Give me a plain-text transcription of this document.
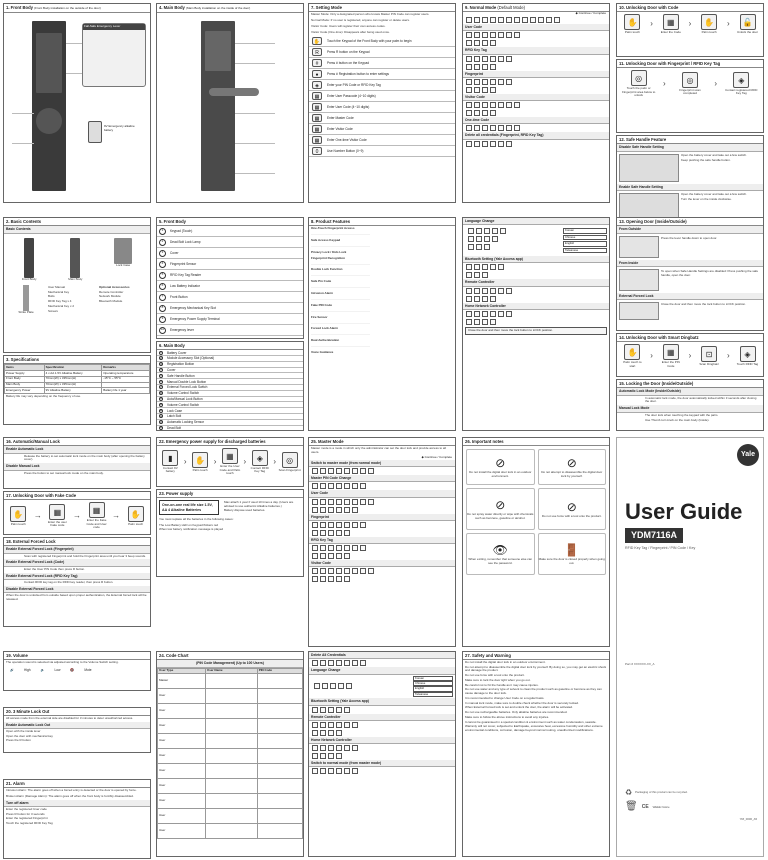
1. Front Body (Front Body installation on the outside of the door)
Fail-Safe Emergency Lever
9V Emergency alkaline battery
2. Basic Contents
Basic Contents
Front Body	Main Body
Lock Case
Strike Plate
User Manual
Mechanical Key
Bolts
RFID Key Tag x 4
Mechanical Key x 2
Screws
Optional Accessories
Remote Controller
Network Module
Bluetooth Module
3. Specifications
Items	Specification	Remarks
Power Supply	4 x AA 1.5V Alkaline Battery	Operating temperature
Front Body	70mm(W) x 335mm(H)	-15°C ~ 55°C
Main Body	70mm(W) x 335mm(H)	
Emergency Power	9V Alkaline Battery	Battery life 1 year
Battery life may vary depending on the frequency of use.
16. Automatic/Manual Lock
Enable Automatic Lock
Release the battery to set automatic lock mode on the main body (after opening the battery cover).
Disable Manual Lock
Press the button to set manual lock mode on the main body.
17. Unlocking Door with Fake Code
✋
Palm touch
→	▦
Enter the user Fake code
→	▦
Enter the Fake Code and User code
→	✋
Palm touch
18. External Forced Lock
Enable External Forced Lock (Fingerprint)
Scan with registered Fingerprint and hold the Fingerprint area until you hear 3 beep sounds.
Enable External Forced Lock (Code)
Enter the User PIN Code then press R button.
Enable External Forced Lock (RFID Key Tag)
Contact RFID key tag on the RFID key reader, then press R button.
Disable External Forced Lock
When the door is unlocked from outside based upon proper authentication, the External forced lock will be released.
19. Volume
The operation sound is selected via adjusted according to the Volume Switch setting.
🔊	High	🔉	Low	🔇	Mute
20. 3 Minute Lock Out
All access mode from the external side are disabled for 3 minutes to deter unauthorized access.
Enable Automatic Lock Out
Open with the inside lever
Open the door with mechanical key
Press the R button
21. Alarm
Intrusion Alarm: The alarm goes off when a forced entry is detected or the door is opened by force.
Broken Alarm (Damage Alarm): The alarm goes off when the front body is forcibly disassembled.
Turn off alarm
Enter the registered User code
Press R button for 3 seconds
Enter the registered Fingerprint
Touch the registered RFID Key Tag
4. Main Body (Main Body installation on the inside of the door)
5. Front Body
1	Keypad (Touch)
2	Dead Bolt Lock Lamp
3	Cover
4	Fingerprint Sensor
5	RFID Key Tag Reader
6	Low Battery Indicator
7	Front Button
8	Emergency Mechanical Key Slot
9	Emergency Power Supply Terminal
10	Emergency lever
6. Main Body
1	Battery Cover
2	Module Accessory Slot (Optional)
3	Registration Button
4	Cover
5	Safe Handle Button
6	Manual Double Lock Button
7	External Forced Lock Switch
8	Volume Control Switch
9	Auto/Manual Lock Button
10	Volume Control Switch
11	Lock Case
12	Latch Bolt
13	Automatic Locking Sensor
14	Dead Bolt
22. Emergency power supply for discharged batteries
▮
Contact 9V battery
›	✋
Palm touch
›	▦
Enter the User Code and Palm touch
›	◈
Contact RFID Key Tag
›	◎
Scan Fingerprint
23. Power supply
One-on-one real life size 1.5V, AA 4 Alkaline Batteries
Max attach 1 year if used 10 times a day. (Users are advised to use authentic Alkaline batteries.)
Battery dispose used batteries.
You must replace all the batteries in the following cases:
The Low Battery LED on Keypad flickers red
When low battery notification message is played
24. Code Chart
(PIN Code Management) (Up to 100 Users)
User Type	User Name	PIN Code
Master		
User		
User		
User		
User		
User		
User		
User		
User		
User		
User		
7. Setting Mode
Master Mode: Only a designated person who knows Master PIN Code can register users.
Normal Mode: If no user is registered, anyone can register or delete users.
Visitor Code: Users will register their own access codes.
Visitor Code (One-time): Disappears after being used once.
✋	Touch the Keypad of the Front Body with your palm to begin
R	Press R button on the Keypad
#	Press # button on the Keypad
●	Press # Registration button to enter settings
◈	Enter your PIN Code or RFID Key Tag
▦	Enter User Passcode (4~10 digits)
▦	Enter User Code (4~10 digits)
▦	Enter Master Code
▦	Enter Visitor Code
▦	Enter One-time Visitor Code
0	Use Number Button (0~9)
8. Product Features
One-Touch Fingerprint Access
···························································
Safe Access Keypad
···························································
Privacy Lock / Kids Lock
Fingerprint Recognition
···························································
Double Lock Function
···························································
Safe Pin Code
···························································
Intrusion Alarm
···························································
Fake PIN Code
···························································
Fire Sensor
···························································
Forced Lock Alarm
···························································
Dual Authentication
···························································
Voice Guidance
25. Master Mode
Master mode is a mode in which only the administrator can set the door lock and provide access to all users.
◆ Continue / Complete
Switch to master mode (from normal mode)
Master PIN Code Change
User Code
Fingerprint
RFID Key Tag
Visitor Code
Delete All Credentials
Language Change
Korean
Chinese
English
Taiwanese
Bluetooth Setting (Yale Access app)
Remote Controller
Home Network Controller
Switch to normal mode (from master mode)
9. Normal Mode (Default Mode)
◆ Continue / Complete
User Code
RFID Key Tag
Fingerprint
Visitor Code
One-time Code
Delete all credentials (Fingerprint, RFID Key Tag)
Language Change
Korean
Chinese
English
Taiwanese
Bluetooth Setting (Yale Access app)
Remote Controller
Home Network Controller
Close the door and then move the lock button to LOCK position.
26. Important notes
⊘
Do not install the digital door lock in an outdoor environment.
⊘
Do not attempt to disassemble the digital door lock by yourself.
⊘
Do not spray water directly or wipe with chemicals such as benzene, gasoline or alcohol.
⊘
Do not use force with a tool onto the product.
👁
When exiting, remember that someone else can see the password.
🚪
Make sure the door is closed properly when going out.
27. Safety and Warning
Do not install the digital door lock in an outdoor environment.
Do not attempt to disassemble the digital door lock by yourself. By doing so, you may get an electric shock and damage the product.
Do not use force with a tool onto the product.
Make sure to lock the door tight when you go out.
Be careful not to hit the handle as it may cause injuries.
Do not use water and any type of solvent to clean the product such as gasoline or benzene as they can cause damage to the door lock.
It is recommended to change User Code on a regular basis.
In manual lock mode, make sure to double check whether the door is securely locked.
When External Forced lock is set and unlock the door, the alarm will be activated.
Do not use rechargeable batteries. Only alkaline batteries are recommended.
Make sure to follow the above instructions to avoid any injuries.
It cannot be guaranteed in a special condition & environment such as water condensation, seaside.
Warranty will not cover, subjected to Earthquake, excessive heat, excessive humidity and other extreme environmental conditions, corrosion, damage beyond normal routing, unauthorized modifications.
10. Unlocking Door with Code
✋
Palm touch
›	▦
Enter the Code
›	✋
Palm touch
›	🔓
Unlock the door
11. Unlocking Door with Fingerprint / RFID Key Tag
◎
Touch the palm or Fingerprint area below to unlock
›	◎
Fingerprint scan completed
›	◈
Contact registered RFID Key Tag
12. Safe Handle Feature
Disable Safe Handle Setting
Open the battery cover and take out a few switch.
Keep pushing the safe handle button.
Enable Safe Handle Setting
Open the battery cover and take out a few switch.
Turn the lever on the inside clockwise.
13. Opening Door (Inside/Outside)
From Outside
Press the lever handle down to open door.
From Inside
To open when Safe Handle Settings are disabled: Press pushing the safe handle, open the door.
External Forced Lock
Close the door and then move the lock button to LOCK position.
14. Unlocking Door with Smart Dingbatz
✋
Palm touch to start
›	▦
Enter the PIN Code
›	⊡
Scan Dingbatz
›	◈
Touch RFID Tag
15. Locking the Door (Inside/Outside)
Automatic Lock Mode (Inside/Outside)
In automatic lock mode, the door automatically locked within 3 seconds after closing the door.
Manual Lock Mode
The door lock when touching the keypad with the palm.
Use Thumb turn knob on the main body (Inside).
Yale
User Guide
YDM7116A
RFID Key Tag / Fingerprint / PIN Code / Key
Part # XXXXXX-XX_A
♻ Packaging of this product can be recycled.
🗑 CE WEEE Notice
YRI_0000_A5
